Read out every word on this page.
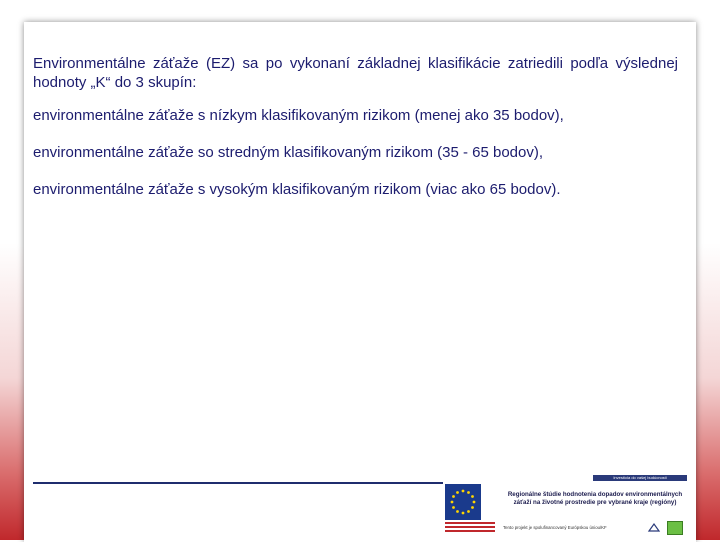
Environmentálne záťaže (EZ) sa po vykonaní základnej klasifikácie zatriedili podľa výslednej hodnoty „K“ do 3 skupín:

environmentálne záťaže s nízkym klasifikovaným rizikom (menej ako 35 bodov),

environmentálne záťaže so stredným klasifikovaným rizikom (35 - 65 bodov),

environmentálne záťaže s vysokým klasifikovaným rizikom (viac ako 65 bodov).

Investícia do vašej budúcnosti
Regionálne štúdie hodnotenia dopadov environmentálnych záťaží na životné prostredie pre vybrané kraje (regióny)
Tento projekt je spolufinancovaný Európskou úniou/KF
